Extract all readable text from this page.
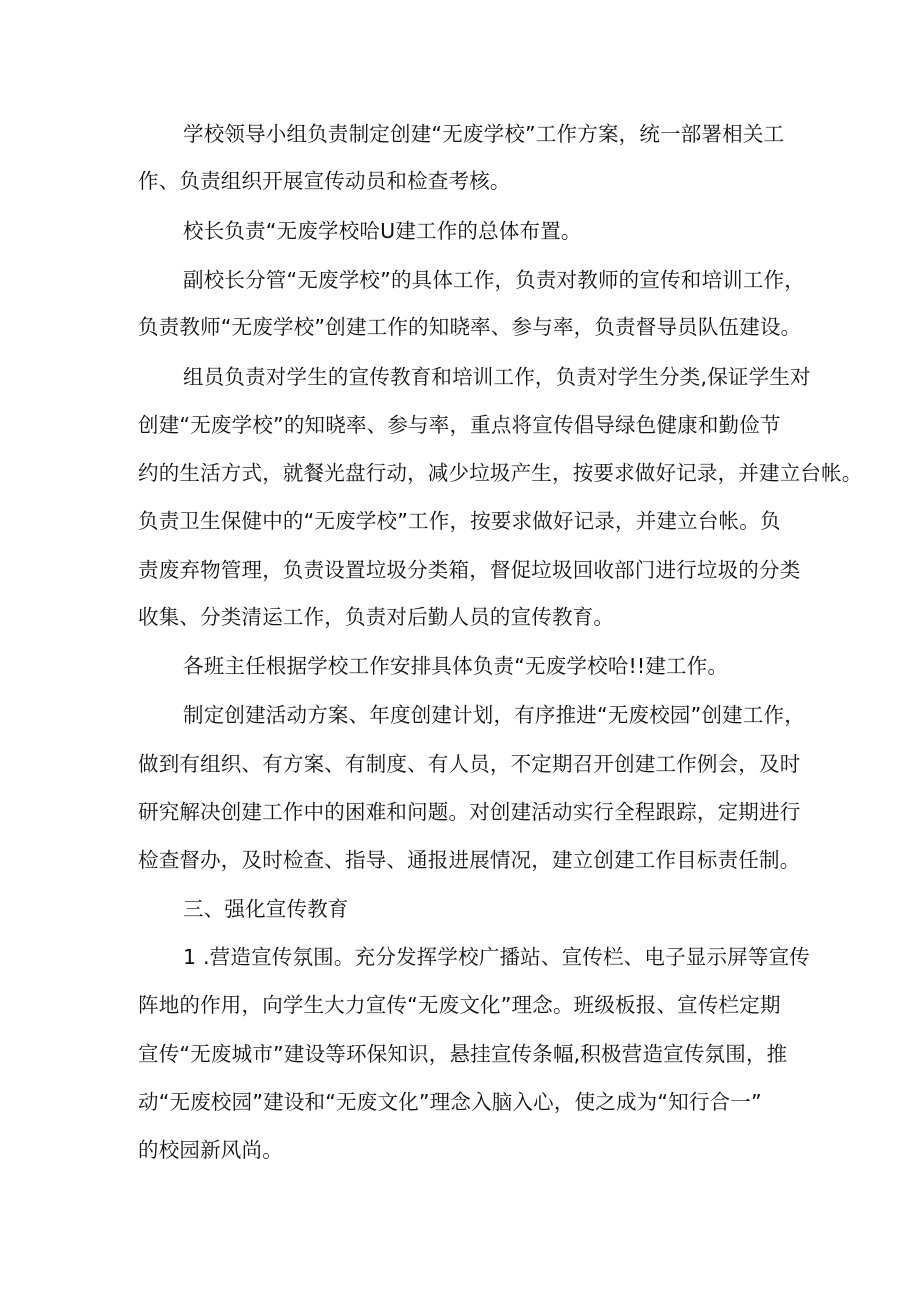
学校领导小组负责制定创建“无废学校”工作方案，统一部署相关工
作、负责组织开展宣传动员和检查考核。
校长负责“无废学校哈U建工作的总体布置。
副校长分管“无废学校”的具体工作，负责对教师的宣传和培训工作，
负责教师“无废学校”创建工作的知晓率、参与率，负责督导员队伍建设。
组员负责对学生的宣传教育和培训工作，负责对学生分类,保证学生对
创建“无废学校”的知晓率、参与率，重点将宣传倡导绿色健康和勤俭节
约的生活方式，就餐光盘行动，减少垃圾产生，按要求做好记录，并建立台帐。
负责卫生保健中的“无废学校”工作，按要求做好记录，并建立台帐。负
责废弃物管理，负责设置垃圾分类箱，督促垃圾回收部门进行垃圾的分类
收集、分类清运工作，负责对后勤人员的宣传教育。
各班主任根据学校工作安排具体负责“无废学校哈!!建工作。
制定创建活动方案、年度创建计划，有序推进“无废校园”创建工作，
做到有组织、有方案、有制度、有人员，不定期召开创建工作例会，及时
研究解决创建工作中的困难和问题。对创建活动实行全程跟踪，定期进行
检查督办，及时检查、指导、通报进展情况，建立创建工作目标责任制。
三、强化宣传教育
1 .营造宣传氛围。充分发挥学校广播站、宣传栏、电子显示屏等宣传
阵地的作用，向学生大力宣传“无废文化”理念。班级板报、宣传栏定期
宣传“无废城市”建设等环保知识，悬挂宣传条幅,积极营造宣传氛围，推
动“无废校园”建设和“无废文化”理念入脑入心，使之成为“知行合一”
的校园新风尚。
